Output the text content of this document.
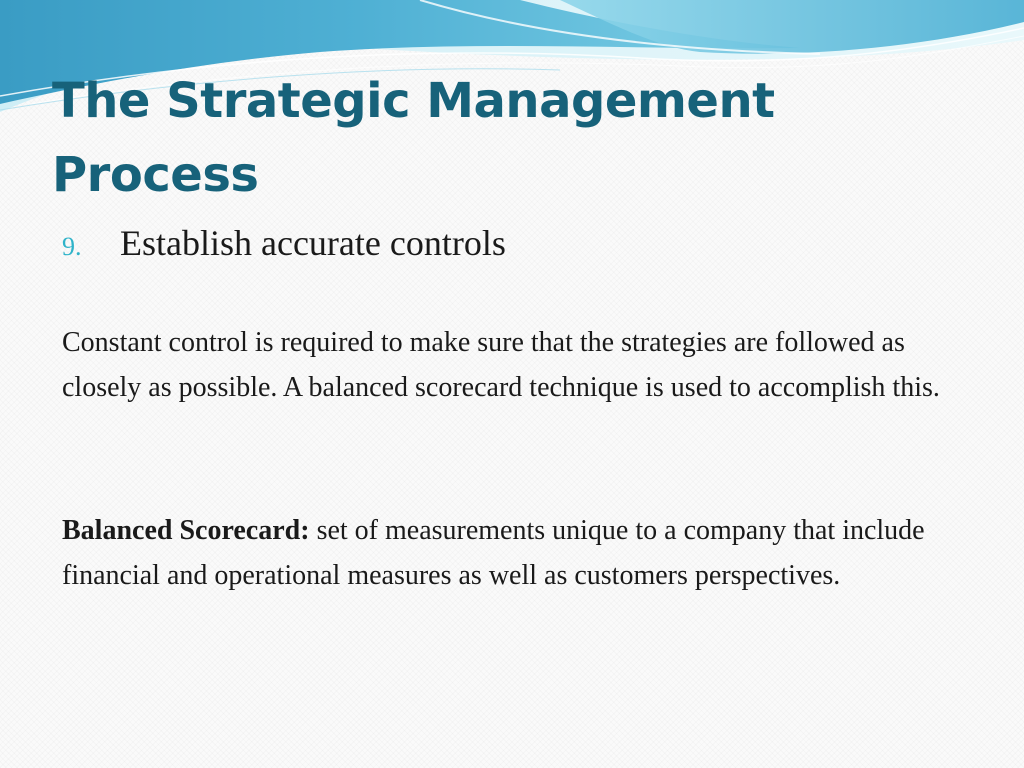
The Strategic Management Process
9.	Establish accurate controls

Constant control is required to make sure that the strategies are followed as closely as possible. A balanced scorecard technique is used to accomplish this.

Balanced Scorecard: set of measurements unique to a company that include financial and operational measures as well as customers perspectives.
